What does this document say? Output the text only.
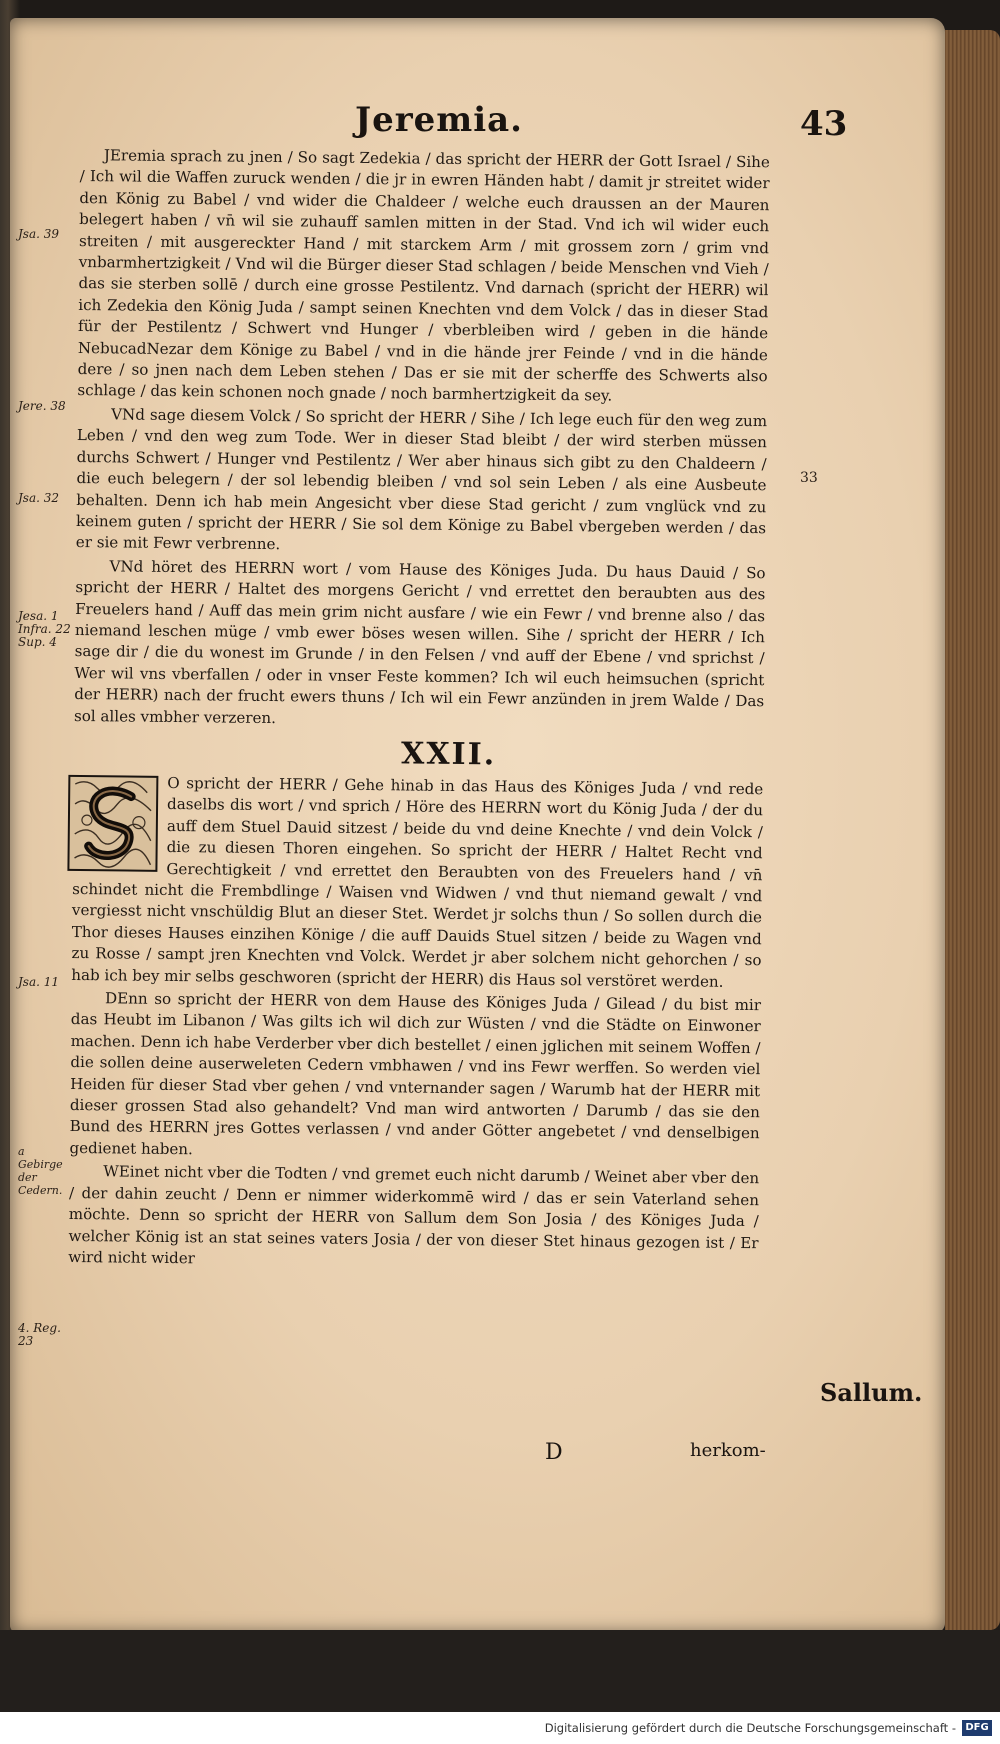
Jeremia.	43
Jsa. 39
Jere. 38
Jsa. 32
Jesa. 1
Infra. 22
Sup. 4
Jsa. 11
a
Gebirge
der Cedern.
4. Reg. 23
33

JEremia sprach zu jnen / So sagt Zedekia / das spricht der HERR der Gott Israel / Sihe / Ich wil die Waffen zuruck wenden / die jr in ewren Händen habt / damit jr streitet wider den König zu Babel / vnd wider die Chaldeer / welche euch draussen an der Mauren belegert haben / vn̄ wil sie zuhauff samlen mitten in der Stad. Vnd ich wil wider euch streiten / mit ausgereckter Hand / mit starckem Arm / mit grossem zorn / grim vnd vnbarmhertzigkeit / Vnd wil die Bürger dieser Stad schlagen / beide Menschen vnd Vieh / das sie sterben sollē / durch eine grosse Pestilentz. Vnd darnach (spricht der HERR) wil ich Zedekia den König Juda / sampt seinen Knechten vnd dem Volck / das in dieser Stad für der Pestilentz / Schwert vnd Hunger / vberbleiben wird / geben in die hände NebucadNezar dem Könige zu Babel / vnd in die hände jrer Feinde / vnd in die händе dere / so jnen nach dem Leben stehen / Das er sie mit der scherffe des Schwerts also schlage / das kein schonen noch gnade / noch barmhertzigkeit da sey.

VNd sage diesem Volck / So spricht der HERR / Sihe / Ich lege euch für den weg zum Leben / vnd den weg zum Tode. Wer in dieser Stad bleibt / der wird sterben müssen durchs Schwert / Hunger vnd Pestilentz / Wer aber hinaus sich gibt zu den Chaldeern / die euch belegern / der sol lebendig bleiben / vnd sol sein Leben / als eine Ausbeute behalten. Denn ich hab mein Angesicht vber diese Stad gericht / zum vnglück vnd zu keinem guten / spricht der HERR / Sie sol dem Könige zu Babel vbergeben werden / das er sie mit Fewr verbrenne.

VNd höret des HERRN wort / vom Hause des Königes Juda. Du haus Dauid / So spricht der HERR / Haltet des morgens Gericht / vnd errettet den beraubten aus des Freuelers hand / Auff das mein grim nicht ausfare / wie ein Fewr / vnd brenne also / das niemand leschen müge / vmb ewer böses wesen willen. Sihe / spricht der HERR / Ich sage dir / die du wonest im Grunde / in den Felsen / vnd auff der Ebene / vnd sprichst / Wer wil vns vberfallen / oder in vnser Feste kommen? Ich wil euch heimsuchen (spricht der HERR) nach der frucht ewers thuns / Ich wil ein Fewr anzünden in jrem Walde / Das sol alles vmbher verzeren.

XXII.

O spricht der HERR / Gehe hinab in das Haus des Königes Juda / vnd rede daselbs dis wort / vnd sprich / Höre des HERRN wort du König Juda / der du auff dem Stuel Dauid sitzest / beide du vnd deine Knechte / vnd dein Volck / die zu diesen Thoren eingehen. So spricht der HERR / Haltet Recht vnd Gerechtigkeit / vnd errettet den Beraubten von des Freuelers hand / vn̄ schindet nicht die Frembdlinge / Waisen vnd Widwen / vnd thut niemand gewalt / vnd vergiesst nicht vnschüldig Blut an dieser Stet. Werdet jr solchs thun / So sollen durch die Thor dieses Hauses einzihen Könige / die auff Dauids Stuel sitzen / beide zu Wagen vnd zu Rosse / sampt jren Knechten vnd Volck. Werdet jr aber solchem nicht gehorchen / so hab ich bey mir selbs geschworen (spricht der HERR) dis Haus sol verstöret werden.

DEnn so spricht der HERR von dem Hause des Königes Juda / Gilead / du bist mir das Heubt im Libanon / Was gilts ich wil dich zur Wüsten / vnd die Städte on Einwoner machen. Denn ich habe Verderber vber dich bestellet / einen jglichen mit seinem Woffen / die sollen deine auserweleten Cedern vmbhawen / vnd ins Fewr werffen. So werden viel Heiden für dieser Stad vber gehen / vnd vnternander sagen / Warumb hat der HERR mit dieser grossen Stad also gehandelt? Vnd man wird antworten / Darumb / das sie den Bund des HERRN jres Gottes verlassen / vnd ander Götter angebetet / vnd denselbigen gedienet haben.

WEinet nicht vber die Todten / vnd gremet euch nicht darumb / Weinet aber vber den / der dahin zeucht / Denn er nimmer widerkommē wird / das er sein Vaterland sehen möchte. Denn so spricht der HERR von Sallum dem Son Josia / des Königes Juda / welcher König ist an stat seines vaters Josia / der von dieser Stet hinaus gezogen ist / Er wird nicht wider

Sallum.
D	herkom-
Digitalisierung gefördert durch die Deutsche Forschungsgemeinschaft - DFG
